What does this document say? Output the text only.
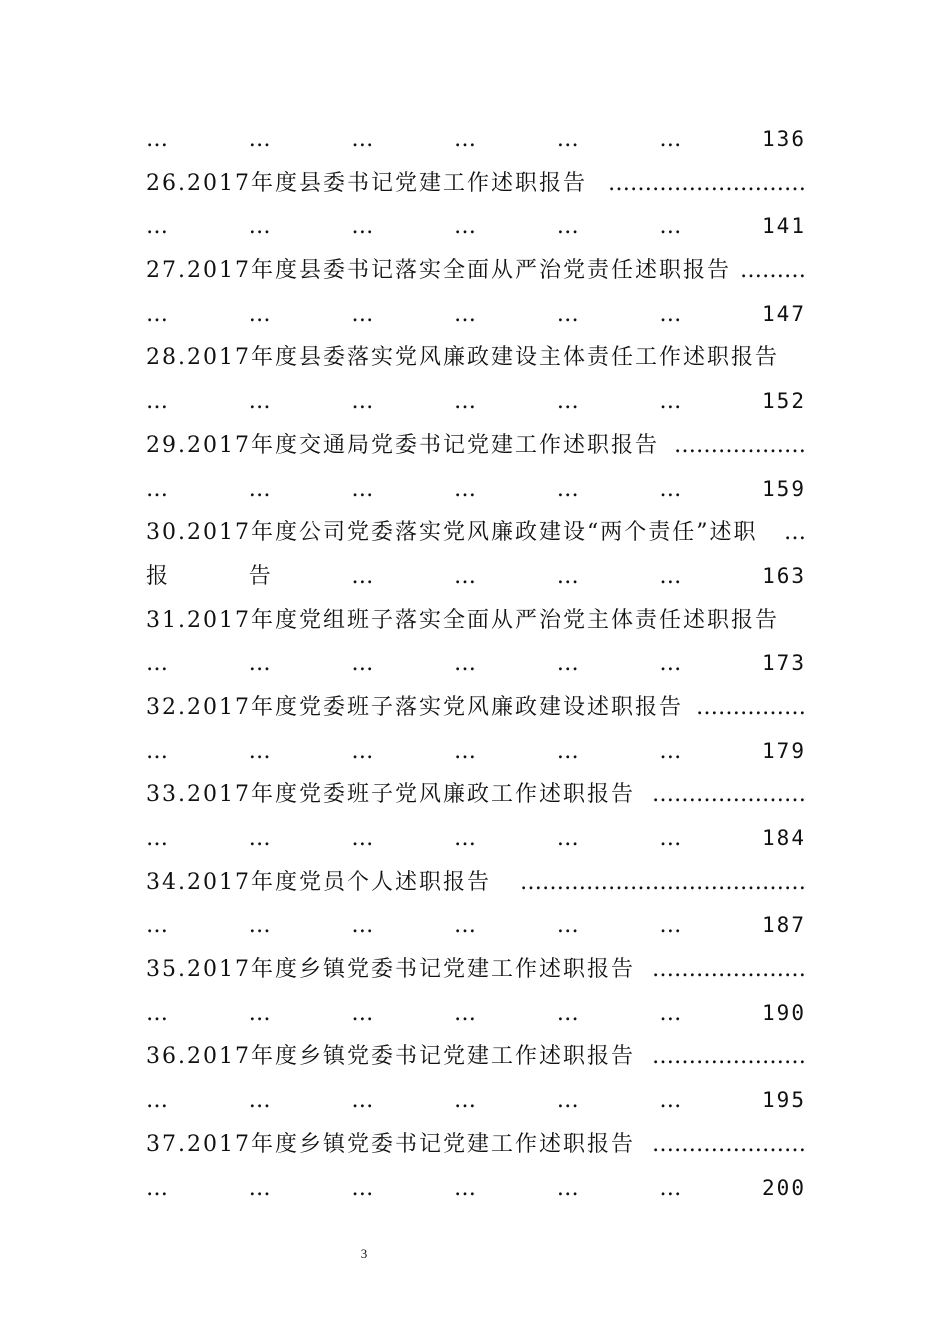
…	…	…	…	…	…	136
26.2017年度县委书记党建工作述职报告 ………………………
…	…	…	…	…	…	141
27.2017年度县委书记落实全面从严治党责任述职报告 ………
…	…	…	…	…	…	147
28.2017年度县委落实党风廉政建设主体责任工作述职报告
…	…	…	…	…	…	152
29.2017年度交通局党委书记党建工作述职报告 ………………
…	…	…	…	…	…	159
30.2017年度公司党委落实党风廉政建设“两个责任”述职 …
报	告	…	…	…	…	163
31.2017年度党组班子落实全面从严治党主体责任述职报告
…	…	…	…	…	…	173
32.2017年度党委班子落实党风廉政建设述职报告 ……………
…	…	…	…	…	…	179
33.2017年度党委班子党风廉政工作述职报告 …………………
…	…	…	…	…	…	184
34.2017年度党员个人述职报告 …………………………………
…	…	…	…	…	…	187
35.2017年度乡镇党委书记党建工作述职报告 …………………
…	…	…	…	…	…	190
36.2017年度乡镇党委书记党建工作述职报告 …………………
…	…	…	…	…	…	195
37.2017年度乡镇党委书记党建工作述职报告 …………………
…	…	…	…	…	…	200
3
